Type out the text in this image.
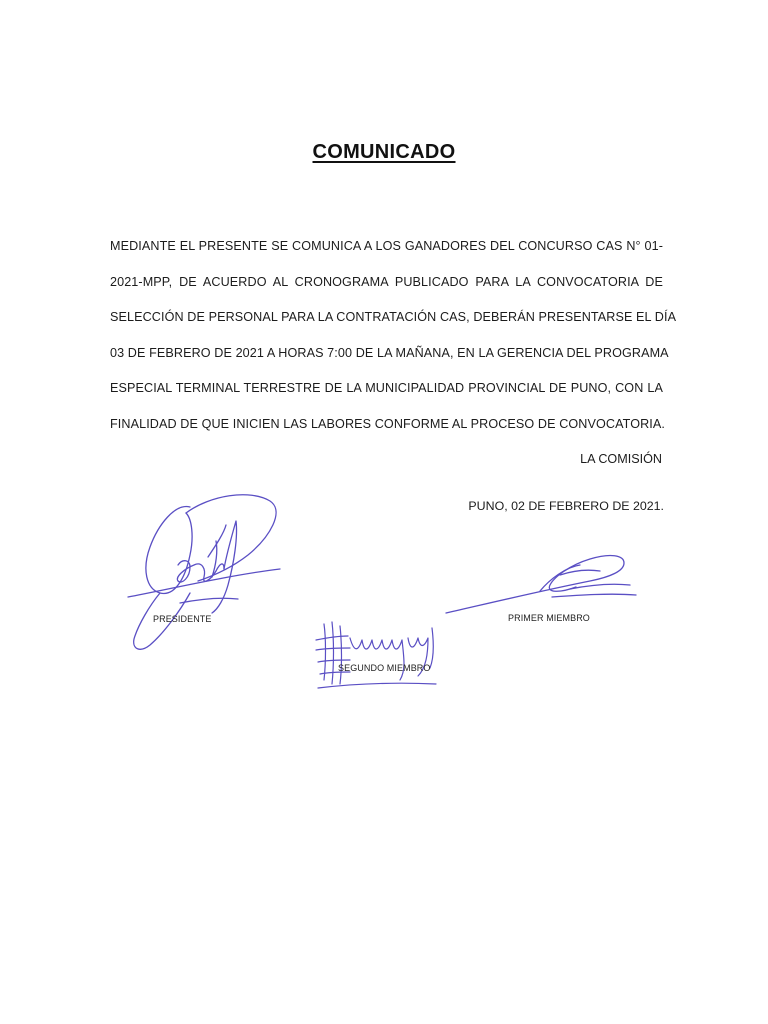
COMUNICADO
MEDIANTE EL PRESENTE SE COMUNICA A LOS GANADORES DEL CONCURSO CAS N° 01-
2021-MPP, DE ACUERDO AL CRONOGRAMA PUBLICADO PARA LA CONVOCATORIA DE
SELECCIÓN DE PERSONAL PARA LA CONTRATACIÓN CAS, DEBERÁN PRESENTARSE EL DÍA
03 DE FEBRERO DE 2021 A HORAS 7:00 DE LA MAÑANA, EN LA GERENCIA DEL PROGRAMA
ESPECIAL TERMINAL TERRESTRE DE LA MUNICIPALIDAD PROVINCIAL DE PUNO, CON LA
FINALIDAD DE QUE INICIEN LAS LABORES CONFORME AL PROCESO DE CONVOCATORIA.
LA COMISIÓN
PUNO, 02 DE FEBRERO DE 2021.
PRESIDENTE	PRIMER MIEMBRO
SEGUNDO MIEMBRO
